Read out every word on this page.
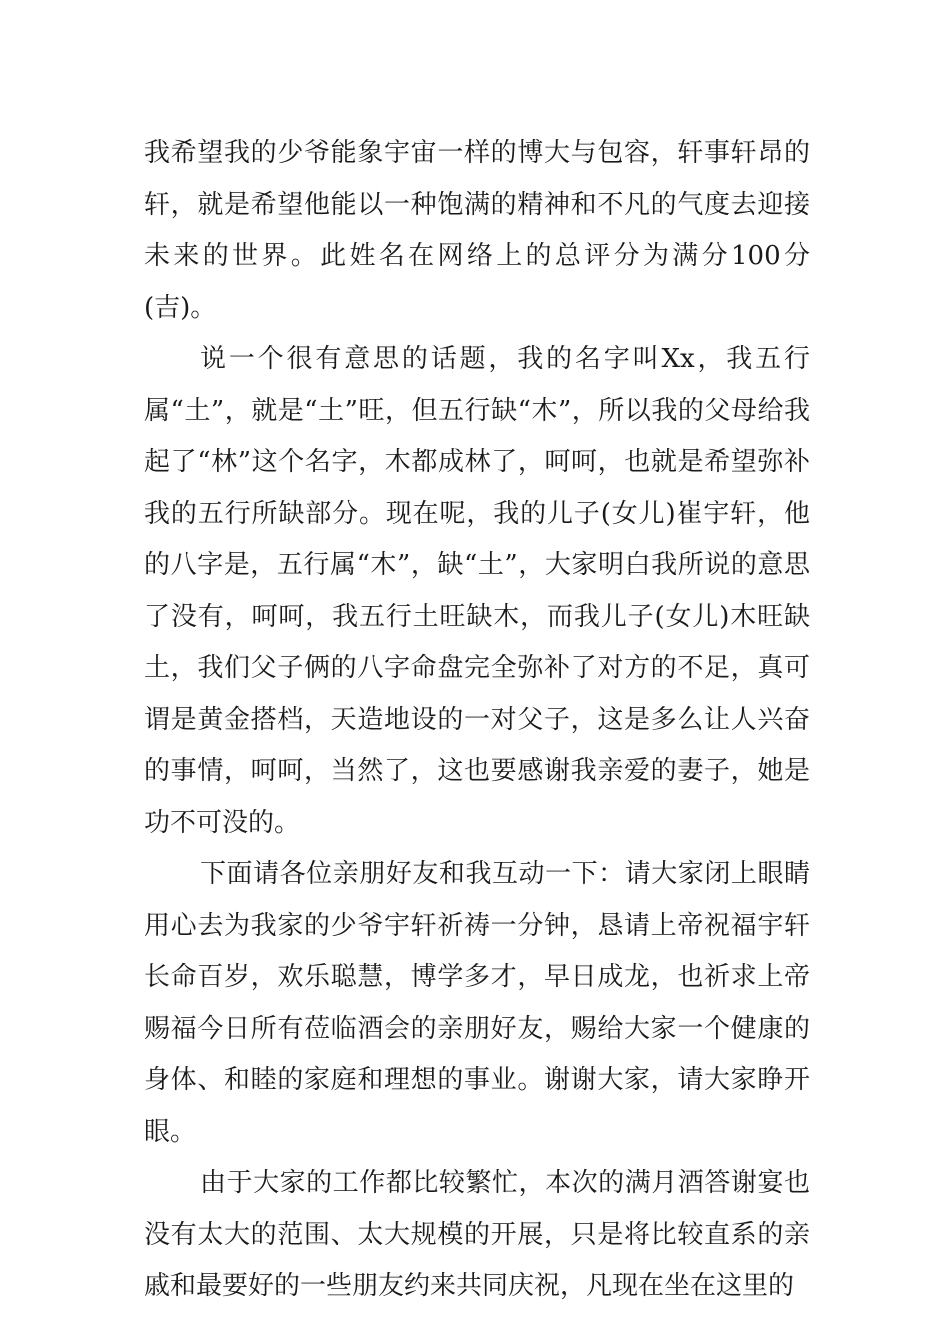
我希望我的少爷能象宇宙一样的博大与包容，轩事轩昂的轩，就是希望他能以一种饱满的精神和不凡的气度去迎接未来的世界。此姓名在网络上的总评分为满分100分(吉)。

说一个很有意思的话题，我的名字叫Xx，我五行属“土”，就是“土”旺，但五行缺“木”，所以我的父母给我起了“林”这个名字，木都成林了，呵呵，也就是希望弥补我的五行所缺部分。现在呢，我的儿子(女儿)崔宇轩，他的八字是，五行属“木”，缺“土”，大家明白我所说的意思了没有，呵呵，我五行土旺缺木，而我儿子(女儿)木旺缺土，我们父子俩的八字命盘完全弥补了对方的不足，真可谓是黄金搭档，天造地设的一对父子，这是多么让人兴奋的事情，呵呵，当然了，这也要感谢我亲爱的妻子，她是功不可没的。

下面请各位亲朋好友和我互动一下：请大家闭上眼睛用心去为我家的少爷宇轩祈祷一分钟，恳请上帝祝福宇轩长命百岁，欢乐聪慧，博学多才，早日成龙，也祈求上帝赐福今日所有莅临酒会的亲朋好友，赐给大家一个健康的身体、和睦的家庭和理想的事业。谢谢大家，请大家睁开眼。

由于大家的工作都比较繁忙，本次的满月酒答谢宴也没有太大的范围、太大规模的开展，只是将比较直系的亲戚和最要好的一些朋友约来共同庆祝，凡现在坐在这里的
